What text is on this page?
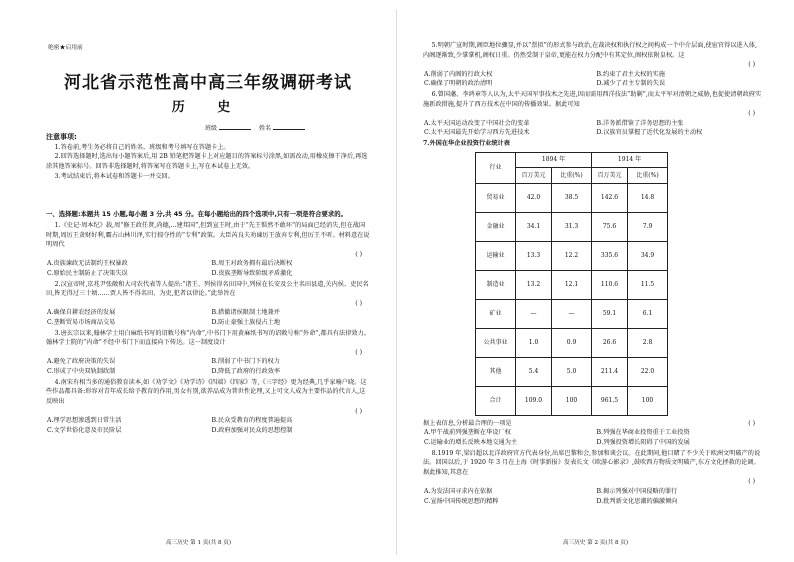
绝密★启用前
河北省示范性高中高三年级调研考试
历 史
班级	姓名
注意事项:
1.答卷前,考生务必将自己的姓名、班级和考号填写在答题卡上。
2.回答选择题时,选出每小题答案后,用 2B 铅笔把答题卡上对应题目的答案标号涂黑,如需改动,用橡皮擦干净后,再选涂其他答案标号。回答非选择题时,将答案写在答题卡上,写在本试卷上无效。
3.考试结束后,将本试卷和答题卡一并交回。
一、选择题:本题共 15 小题,每小题 3 分,共 45 分。在每小题给出的四个选项中,只有一项是符合要求的。
1.《史记·周本纪》载,周“修王政任贤,尚德,...建邦国”,但到宣王时,由于“先王惧然不敢坏”的局面已经消失,但在战国时期,周厉王贪财好利,霸占山林川泽,实行掠夺性的“专利”政策。大臣芮良夫劝谏厉王放弃专利,但厉王不听。材料意在说明周代
( )
A.贵族谏政无法制约王权暴政	B.周王对政务拥有最后决断权
C.原始民主制防止了决策失误	D.贵族垄断导致阶级矛盾激化
2.汉宣帝时,京兆尹张敞和大司农代表等人提出:“诸王、列侯得名田国中,列侯在长安及公主名田县道,关内侯、吏民名田,皆无得过三十顷……贾人皆不得名田、为吏,犯者以律论。”此举旨在
( )
A.确保自耕农经济的发展	B.措撤诸侯限制土地兼并
C.垄断贸易市场商品交易	D.防止豪强土族侵占土地
3.唐玄宗以来,翰林学士用白麻纸书写的诏敕号称“内命”,中书门下用黄麻纸书写的诏敕号称“外命”,都具有法律效力。翰林学士院的“内命”不经中书门下而直接向下传达。这一制度设计
( )
A.避免了政府决策的失误	B.削弱了中书门下的权力
C.形成了中央双轨制政制	D.降低了政府的行政效率
4.南宋有相当多的通俗教育读本,如《劝学文》《劝学诗》《四端》《四家》等,《三字经》更为经典,几乎家喻户晓。这些作品都具备:形容对青年成长给予教育的作用,男女有别,欲养品成为普世性论理,又上可文人成为主要作品的代言人,这反映出
( )
A.理学思想渗透到日常生活	B.民众受教育的程度普遍提高
C.文学世俗化意及市民阶层	D.政府加强对民众的思想控制
高三历史 第 1 页(共 8 页)
5.明朝广宣时期,阁臣地位骤显,并以“票拟”的形式参与政治,在裁决权和执行权之间构成一个中介层面,使宦官得以进入体,内阁逐渐致,少掌掌机,阁权日重。仍然受制于皇帝,更能在权力分配中有其定位,阁权依附皇权。这
( )
A.削弱了内阁的行政大权	B.约束了君主大权的实施
C.确保了明朝的政治清明	D.减少了君主专制的失误
6.曾国藩、李鸿章等人认为,太平天国军事技术之先进,因而需用西洋技法“助剿”,而太平军对清朝之威胁,也促使清朝政府实施新政措施,提升了西方技术在中国的传播效果。据此可知
( )
A.太平天国运动改变了中国社会的变革	B.洋务派借鉴了洋务思想的主张
C.太平天国最先开始学习西方先进技术	D.汉族官员掌握了近代化发展的主动权
7.外国在华企业投资行业统计表
行业	1894 年		1914 年	
	百万美元	比重(%)	百万美元	比重(%)
贸易业	42.0	38.5	142.6	14.8
金融业	34.1	31.3	75.6	7.9
运输业	13.3	12.2	335.6	34.9
制造业	13.2	12.1	110.6	11.5
矿业	—	—	59.1	6.1
公共事业	1.0	0.9	26.6	2.8
其他	5.4	5.0	211.4	22.0
合计	109.0	100	961.5	100
据上表信息,分析最合理的一项是	( )
A.甲午战前列强垄断在华设厂权	B.列强在华商业投资重于工业投资
C.运输业的增长反映本地交通为主	D.列强投资增长阻碍了中国的发展
8.1919 年,梁启超以北洋政府官方代表身份,出席巴黎和会,参加和谈会议。在此期间,他目睹了不少关于欧洲文明破产的说法。回国以后,于 1920 年 3 月在上海《时事新报》发表长文《欧游心影录》,鼓吹西方物质文明破产,东方文化拯救的论调。据此推知,其意在
( )
A.为发法国寻求内在依据	B.揭示列强对中国侵略的罪行
C.宣扬中国传统思想的精粹	D.批判新文化思潮的偏激倾向
高三历史 第 2 页(共 8 页)
